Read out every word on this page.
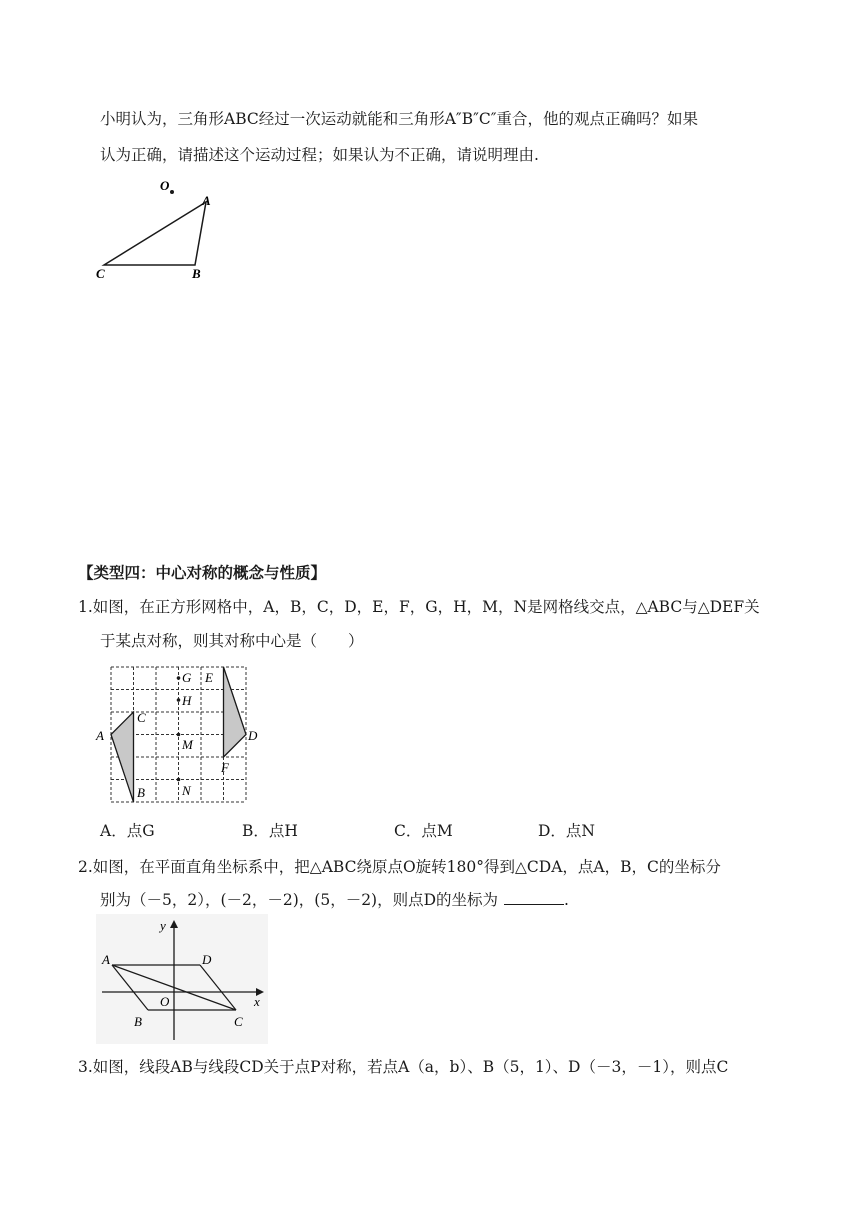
小明认为，三角形ABC经过一次运动就能和三角形A″B″C″重合，他的观点正确吗？如果
认为正确，请描述这个运动过程；如果认为不正确，请说明理由.
O
A
C	B
【类型四：中心对称的概念与性质】
1.如图，在正方形网格中，A，B，C，D，E，F，G，H，M，N是网格线交点，△ABC与△DEF关
于某点对称，则其对称中心是（　　）
G
H
M
N
E
C
A	D
F
B
A．点G	B．点H	C．点M	D．点N
2.如图，在平面直角坐标系中，把△ABC绕原点O旋转180°得到△CDA，点A，B，C的坐标分
别为（－5，2），(－2，－2)，(5，－2)，则点D的坐标为	.
y
x
O
A	D
B	C
3.如图，线段AB与线段CD关于点P对称，若点A（a，b）、B（5，1）、D（－3，－1），则点C
